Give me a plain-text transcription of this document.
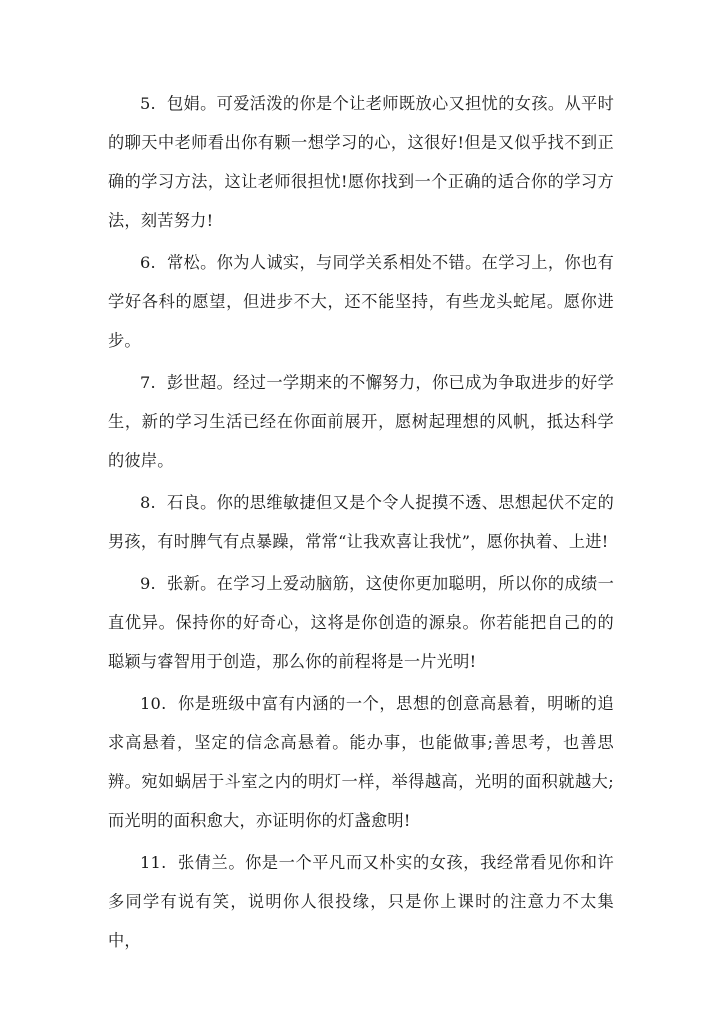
5. 包娟。可爱活泼的你是个让老师既放心又担忧的女孩。从平时的聊天中老师看出你有颗一想学习的心，这很好!但是又似乎找不到正确的学习方法，这让老师很担忧!愿你找到一个正确的适合你的学习方法，刻苦努力!

6. 常松。你为人诚实，与同学关系相处不错。在学习上，你也有学好各科的愿望，但进步不大，还不能坚持，有些龙头蛇尾。愿你进步。

7. 彭世超。经过一学期来的不懈努力，你已成为争取进步的好学生，新的学习生活已经在你面前展开，愿树起理想的风帆，抵达科学的彼岸。

8. 石良。你的思维敏捷但又是个令人捉摸不透、思想起伏不定的男孩，有时脾气有点暴躁，常常“让我欢喜让我忧”，愿你执着、上进!

9. 张新。在学习上爱动脑筋，这使你更加聪明，所以你的成绩一直优异。保持你的好奇心，这将是你创造的源泉。你若能把自己的的聪颖与睿智用于创造，那么你的前程将是一片光明!

10. 你是班级中富有内涵的一个，思想的创意高悬着，明晰的追求高悬着，坚定的信念高悬着。能办事，也能做事;善思考，也善思辨。宛如蜗居于斗室之内的明灯一样，举得越高，光明的面积就越大;而光明的面积愈大，亦证明你的灯盏愈明!

11. 张倩兰。你是一个平凡而又朴实的女孩，我经常看见你和许多同学有说有笑，说明你人很投缘，只是你上课时的注意力不太集中，
